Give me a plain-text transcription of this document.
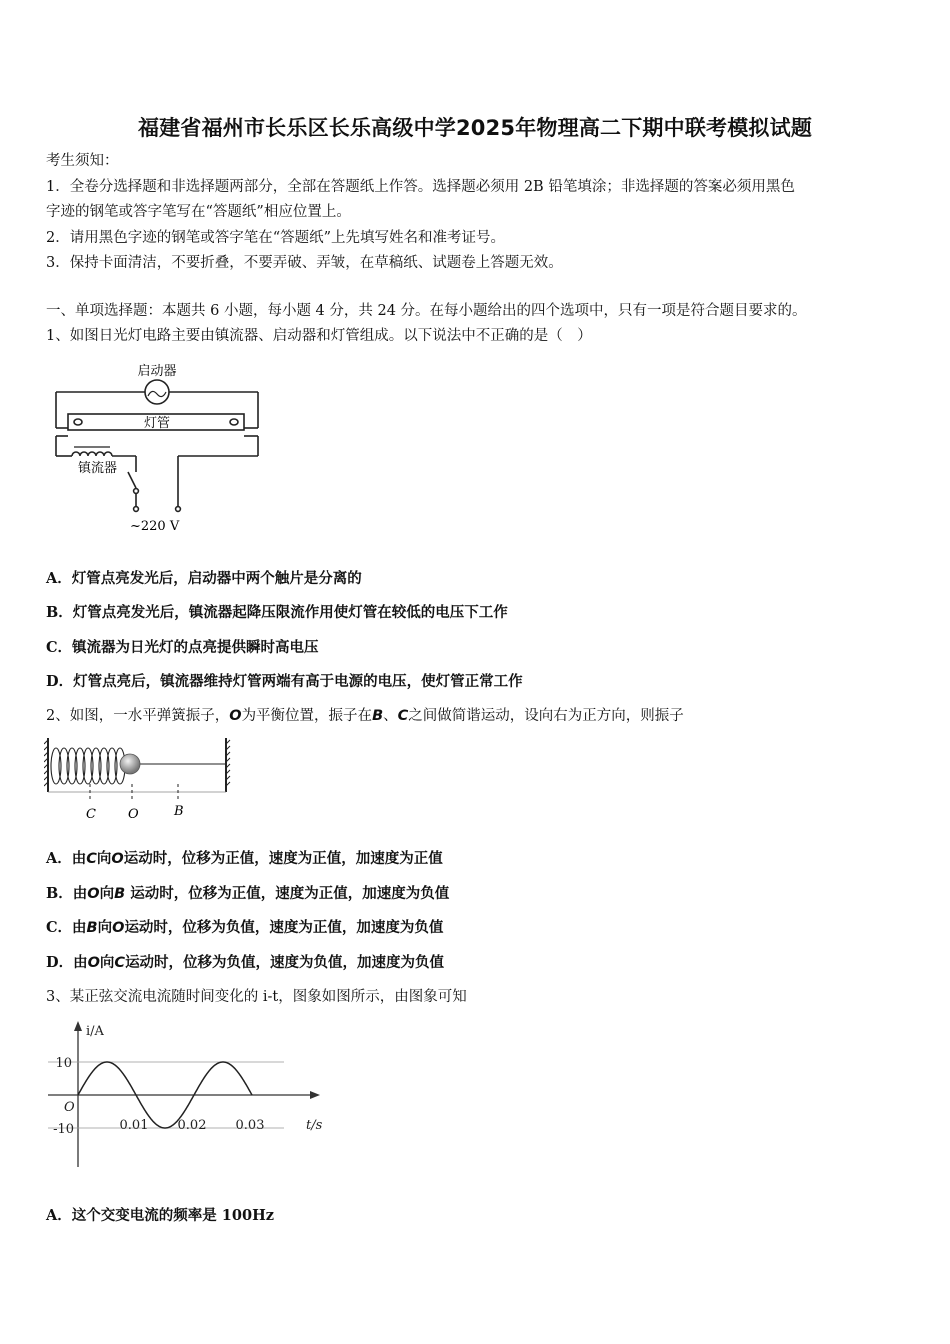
福建省福州市长乐区长乐高级中学2025年物理高二下期中联考模拟试题
考生须知：
1．全卷分选择题和非选择题两部分，全部在答题纸上作答。选择题必须用 2B 铅笔填涂；非选择题的答案必须用黑色
字迹的钢笔或答字笔写在“答题纸”相应位置上。
2．请用黑色字迹的钢笔或答字笔在“答题纸”上先填写姓名和准考证号。
3．保持卡面清洁，不要折叠，不要弄破、弄皱，在草稿纸、试题卷上答题无效。
一、单项选择题：本题共 6 小题，每小题 4 分，共 24 分。在每小题给出的四个选项中，只有一项是符合题目要求的。
1、如图日光灯电路主要由镇流器、启动器和灯管组成。以下说法中不正确的是（　）
启动器
灯管
镇流器
~220 V
A．灯管点亮发光后，启动器中两个触片是分离的
B．灯管点亮发光后，镇流器起降压限流作用使灯管在较低的电压下工作
C．镇流器为日光灯的点亮提供瞬时高电压
D．灯管点亮后，镇流器维持灯管两端有高于电源的电压，使灯管正常工作
2、如图，一水平弹簧振子，O为平衡位置，振子在B、C之间做简谐运动，设向右为正方向，则振子
C O	B
A．由C向O运动时，位移为正值，速度为正值，加速度为正值
B．由O向B 运动时，位移为正值，速度为正值，加速度为负值
C．由B向O运动时，位移为负值，速度为正值，加速度为负值
D．由O向C运动时，位移为负值，速度为负值，加速度为负值
3、某正弦交流电流随时间变化的 i-t，图象如图所示，由图象可知
i/A
t/s
O
10
-10	0.01 0.02 0.03
A．这个交变电流的频率是 100Hz
